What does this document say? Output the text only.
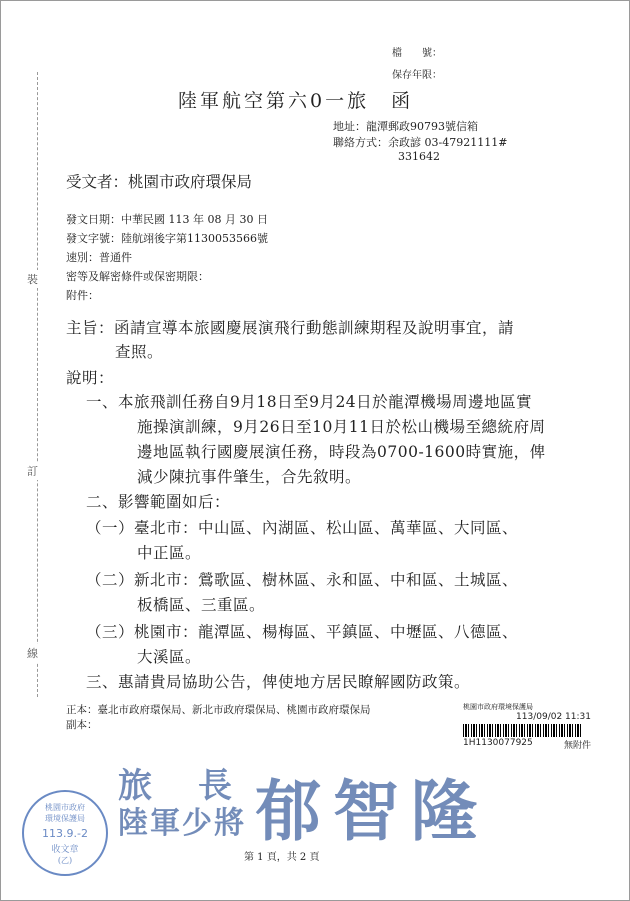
裝
訂
線
檔　　號：
保存年限：
陸軍航空第六0一旅　函
地址：龍潭郵政90793號信箱
聯絡方式：余政諺 03-47921111#
331642
受文者：桃園市政府環保局
發文日期：中華民國 113 年 08 月 30 日
發文字號：陸航翊後字第1130053566號
速別：普通件
密等及解密條件或保密期限：
附件：
主旨：函請宣導本旅國慶展演飛行動態訓練期程及說明事宜，請
查照。
說明：
一、本旅飛訓任務自9月18日至9月24日於龍潭機場周邊地區實
施操演訓練，9月26日至10月11日於松山機場至總統府周
邊地區執行國慶展演任務，時段為0700-1600時實施，俾
減少陳抗事件肇生，合先敘明。
二、影響範圍如后：
（一）臺北市：中山區、內湖區、松山區、萬華區、大同區、
中正區。
（二）新北市：鶯歌區、樹林區、永和區、中和區、土城區、
板橋區、三重區。
（三）桃園市：龍潭區、楊梅區、平鎮區、中壢區、八德區、
大溪區。
三、惠請貴局協助公告，俾使地方居民瞭解國防政策。
正本：臺北市政府環保局、新北市政府環保局、桃園市政府環保局
副本：
桃園市政府環境保護局
113/09/02 11:31
1H1130077925	無附件
旅　長
陸軍少將 郁智隆
桃園市政府
環境保護局
113.9.-2
收文章
(乙)	第 1 頁，共 2 頁
